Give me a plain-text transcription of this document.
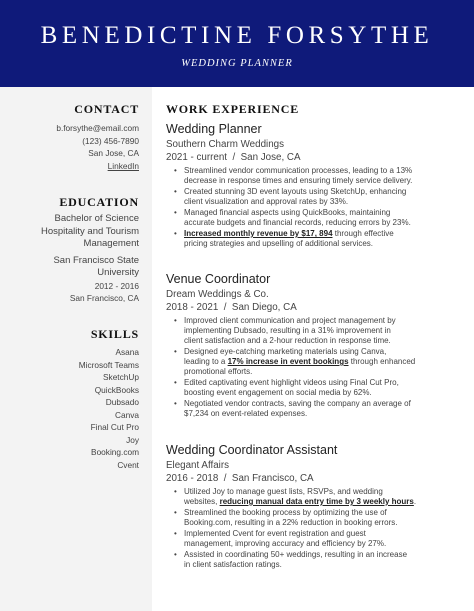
BENEDICTINE FORSYTHE
WEDDING PLANNER
CONTACT
b.forsythe@email.com
(123) 456-7890
San Jose, CA
LinkedIn
EDUCATION
Bachelor of Science
Hospitality and Tourism
Management
San Francisco State
University
2012 - 2016
San Francisco, CA
SKILLS
Asana
Microsoft Teams
SketchUp
QuickBooks
Dubsado
Canva
Final Cut Pro
Joy
Booking.com
Cvent
WORK EXPERIENCE
Wedding Planner
Southern Charm Weddings
2021 - current  /  San Jose, CA
• Streamlined vendor communication processes, leading to a 13%
decrease in response times and ensuring timely service delivery.
• Created stunning 3D event layouts using SketchUp, enhancing
client visualization and approval rates by 33%.
• Managed financial aspects using QuickBooks, maintaining
accurate budgets and financial records, reducing errors by 23%.
• Increased monthly revenue by $17, 894 through effective
pricing strategies and upselling of additional services.
Venue Coordinator
Dream Weddings & Co.
2018 - 2021  /  San Diego, CA
• Improved client communication and project management by
implementing Dubsado, resulting in a 31% improvement in
client satisfaction and a 2-hour reduction in response time.
• Designed eye-catching marketing materials using Canva,
leading to a 17% increase in event bookings through enhanced
promotional efforts.
• Edited captivating event highlight videos using Final Cut Pro,
boosting event engagement on social media by 62%.
• Negotiated vendor contracts, saving the company an average of
$7,234 on event-related expenses.
Wedding Coordinator Assistant
Elegant Affairs
2016 - 2018  /  San Francisco, CA
• Utilized Joy to manage guest lists, RSVPs, and wedding
websites, reducing manual data entry time by 3 weekly hours.
• Streamlined the booking process by optimizing the use of
Booking.com, resulting in a 22% reduction in booking errors.
• Implemented Cvent for event registration and guest
management, improving accuracy and efficiency by 27%.
• Assisted in coordinating 50+ weddings, resulting in an increase
in client satisfaction ratings.
